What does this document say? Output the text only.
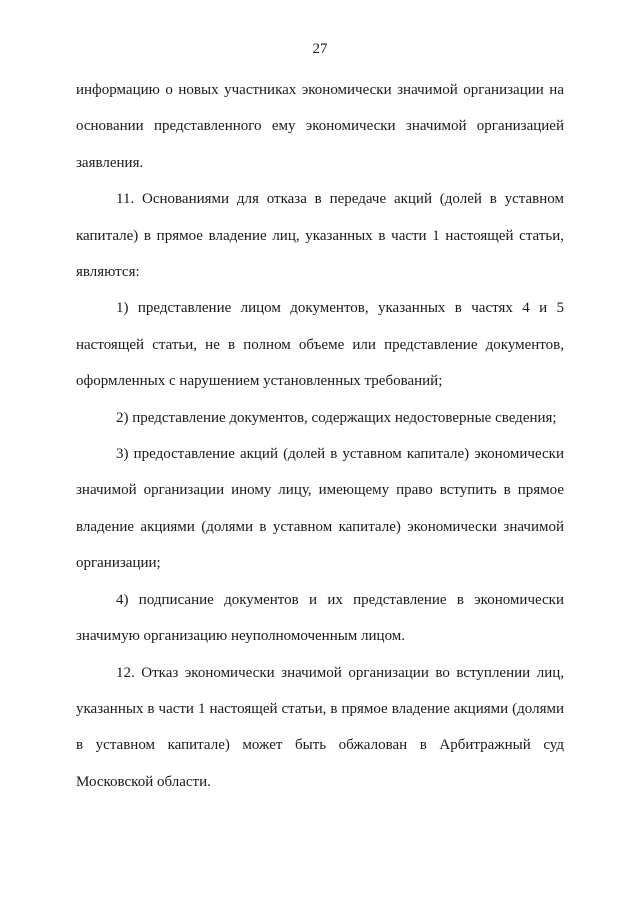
27

информацию о новых участниках экономически значимой организации на основании представленного ему экономически значимой организацией заявления.

11. Основаниями для отказа в передаче акций (долей в уставном капитале) в прямое владение лиц, указанных в части 1 настоящей статьи, являются:

1) представление лицом документов, указанных в частях 4 и 5 настоящей статьи, не в полном объеме или представление документов, оформленных с нарушением установленных требований;

2) представление документов, содержащих недостоверные сведения;

3) предоставление акций (долей в уставном капитале) экономически значимой организации иному лицу, имеющему право вступить в прямое владение акциями (долями в уставном капитале) экономически значимой организации;

4) подписание документов и их представление в экономически значимую организацию неуполномоченным лицом.

12. Отказ экономически значимой организации во вступлении лиц, указанных в части 1 настоящей статьи, в прямое владение акциями (долями в уставном капитале) может быть обжалован в Арбитражный суд Московской области.
